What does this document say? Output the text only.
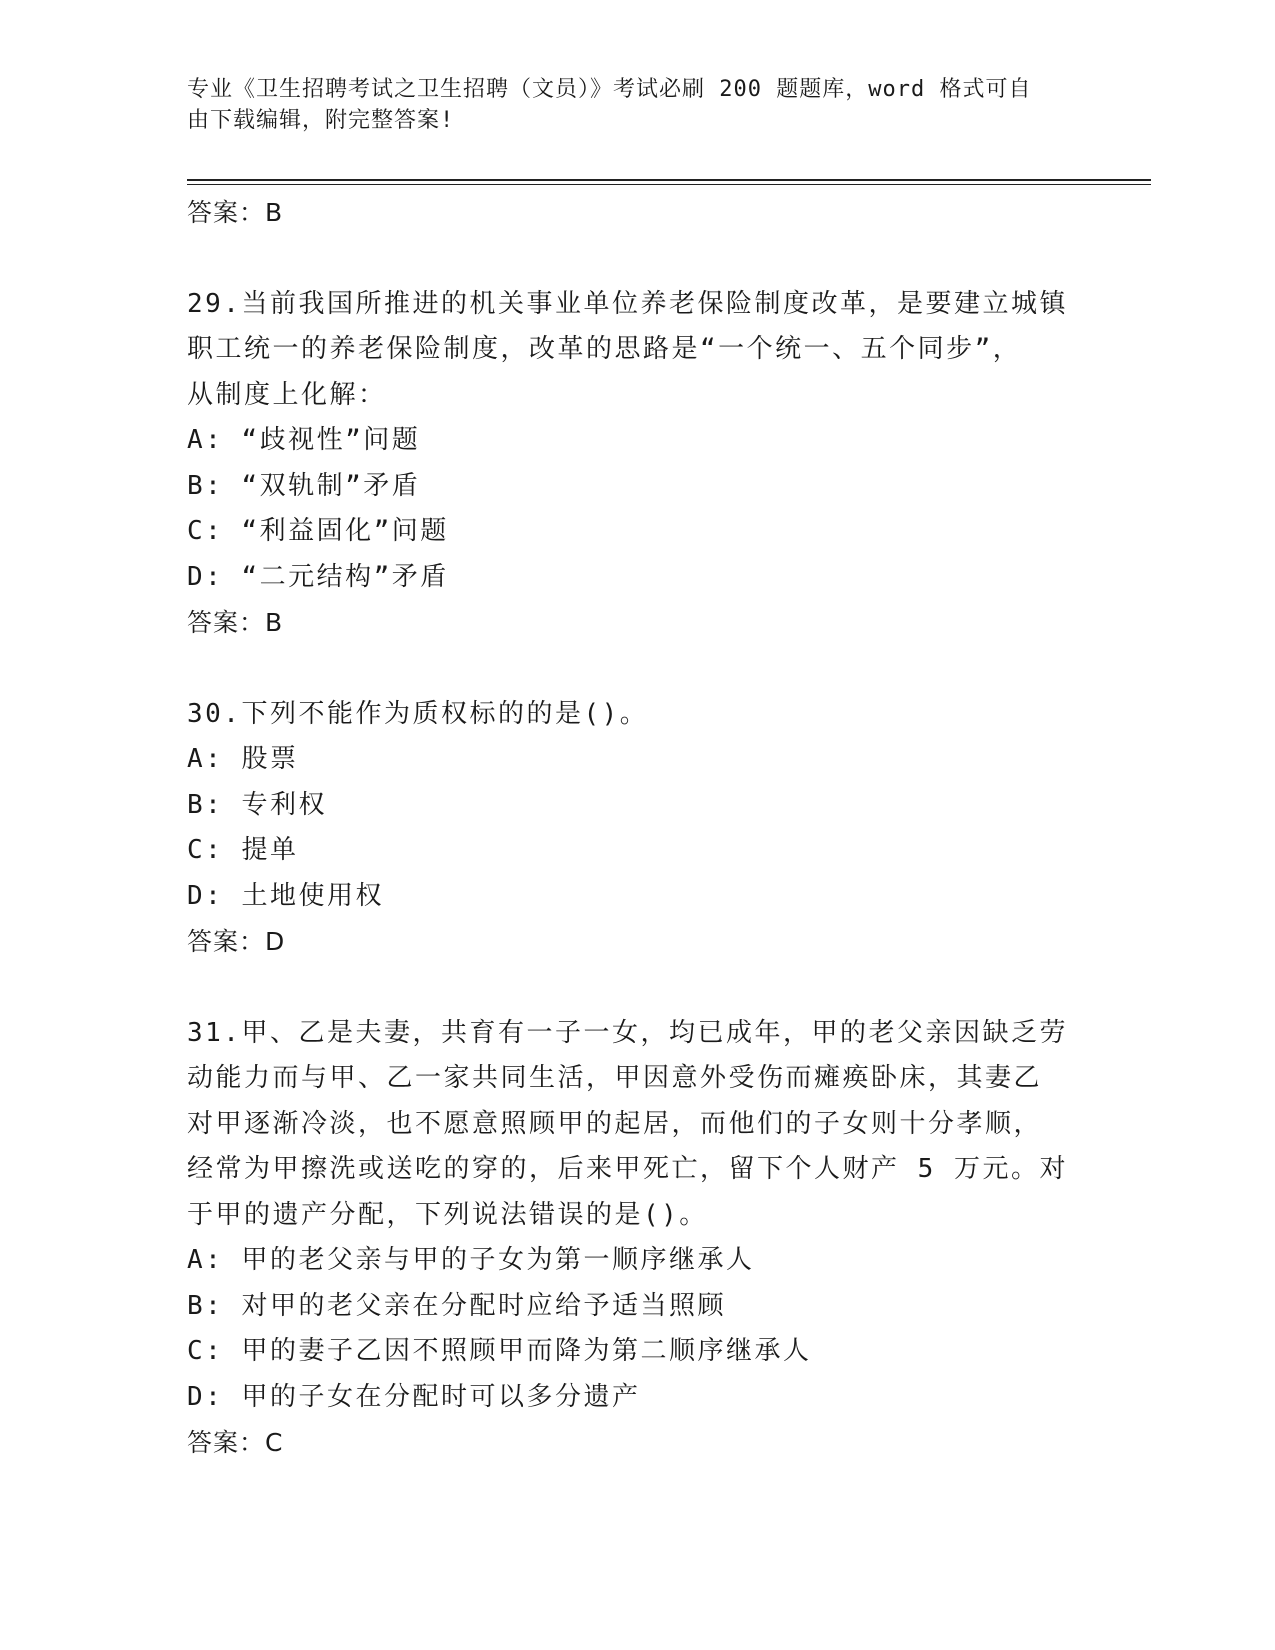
专业《卫生招聘考试之卫生招聘（文员）》考试必刷 200 题题库，word 格式可自
由下载编辑，附完整答案!
答案：B
29.当前我国所推进的机关事业单位养老保险制度改革，是要建立城镇
职工统一的养老保险制度，改革的思路是“一个统一、五个同步”，
从制度上化解：
A: “歧视性”问题
B: “双轨制”矛盾
C: “利益固化”问题
D: “二元结构”矛盾
答案：B
30.下列不能作为质权标的的是()。
A: 股票
B: 专利权
C: 提单
D: 土地使用权
答案：D
31.甲、乙是夫妻，共育有一子一女，均已成年，甲的老父亲因缺乏劳
动能力而与甲、乙一家共同生活，甲因意外受伤而瘫痪卧床，其妻乙
对甲逐渐冷淡，也不愿意照顾甲的起居，而他们的子女则十分孝顺，
经常为甲擦洗或送吃的穿的，后来甲死亡，留下个人财产 5 万元。对
于甲的遗产分配，下列说法错误的是()。
A: 甲的老父亲与甲的子女为第一顺序继承人
B: 对甲的老父亲在分配时应给予适当照顾
C: 甲的妻子乙因不照顾甲而降为第二顺序继承人
D: 甲的子女在分配时可以多分遗产
答案：C
